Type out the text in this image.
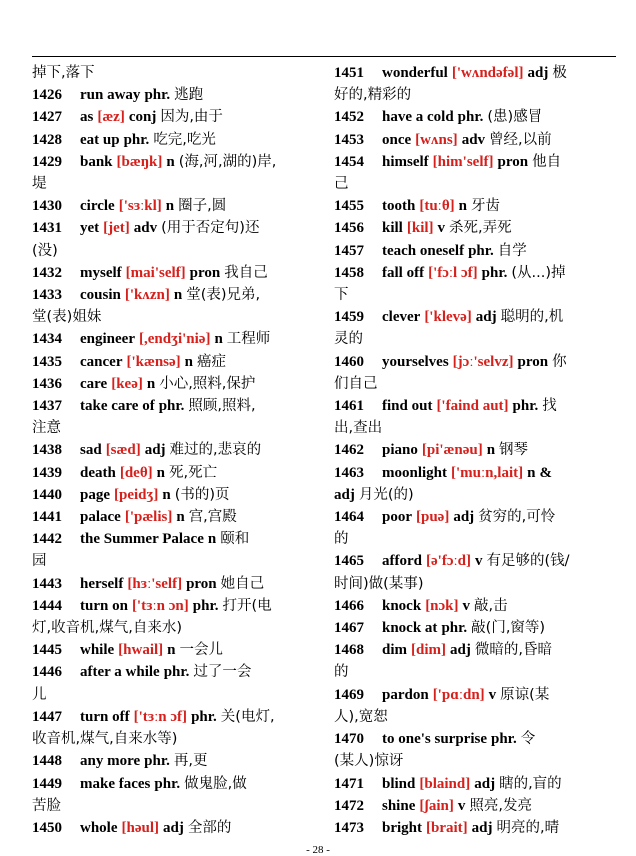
掉下,落下
1426 run away phr. 逃跑
1427 as [æz] conj 因为,由于
1428 eat up phr. 吃完,吃光
1429 bank [bæŋk] n (海,河,湖的)岸,
堤
1430 circle ['sɜːkl] n 圈子,圆
1431 yet [jet] adv (用于否定句)还
(没)
1432 myself [mai'self] pron 我自己
1433 cousin ['kʌzn] n 堂(表)兄弟,
堂(表)姐妹
1434 engineer [,endʒi'niə] n 工程师
1435 cancer ['kænsə] n 癌症
1436 care [keə] n 小心,照料,保护
1437 take care of phr. 照顾,照料,
注意
1438 sad [sæd] adj 难过的,悲哀的
1439 death [deθ] n 死,死亡
1440 page [peidʒ] n (书的)页
1441 palace ['pælis] n 宫,宫殿
1442 the Summer Palace n 颐和
园
1443 herself [hɜː'self] pron 她自己
1444 turn on ['tɜːn ɔn] phr. 打开(电
灯,收音机,煤气,自来水)
1445 while [hwail] n 一会儿
1446 after a while phr. 过了一会
儿
1447 turn off ['tɜːn ɔf] phr. 关(电灯,
收音机,煤气,自来水等)
1448 any more phr. 再,更
1449 make faces phr. 做鬼脸,做
苦脸
1450 whole [həul] adj 全部的
1451 wonderful ['wʌndəfəl] adj 极
好的,精彩的
1452 have a cold phr. (患)感冒
1453 once [wʌns] adv 曾经,以前
1454 himself [him'self] pron 他自
己
1455 tooth [tuːθ] n 牙齿
1456 kill [kil] v 杀死,弄死
1457 teach oneself phr. 自学
1458 fall off ['fɔːl ɔf] phr. (从...)掉
下
1459 clever ['klevə] adj 聪明的,机
灵的
1460 yourselves [jɔː'selvz] pron 你
们自己
1461 find out ['faind aut] phr. 找
出,查出
1462 piano [pi'ænəu] n 钢琴
1463 moonlight ['muːn,lait] n &
adj 月光(的)
1464 poor [puə] adj 贫穷的,可怜
的
1465 afford [ə'fɔːd] v 有足够的(钱/
时间)做(某事)
1466 knock [nɔk] v 敲,击
1467 knock at phr. 敲(门,窗等)
1468 dim [dim] adj 微暗的,昏暗
的
1469 pardon ['pɑːdn] v 原谅(某
人),宽恕
1470 to one's surprise phr. 令
(某人)惊讶
1471 blind [blaind] adj 瞎的,盲的
1472 shine [ʃain] v 照亮,发亮
1473 bright [brait] adj 明亮的,晴
- 28 -
